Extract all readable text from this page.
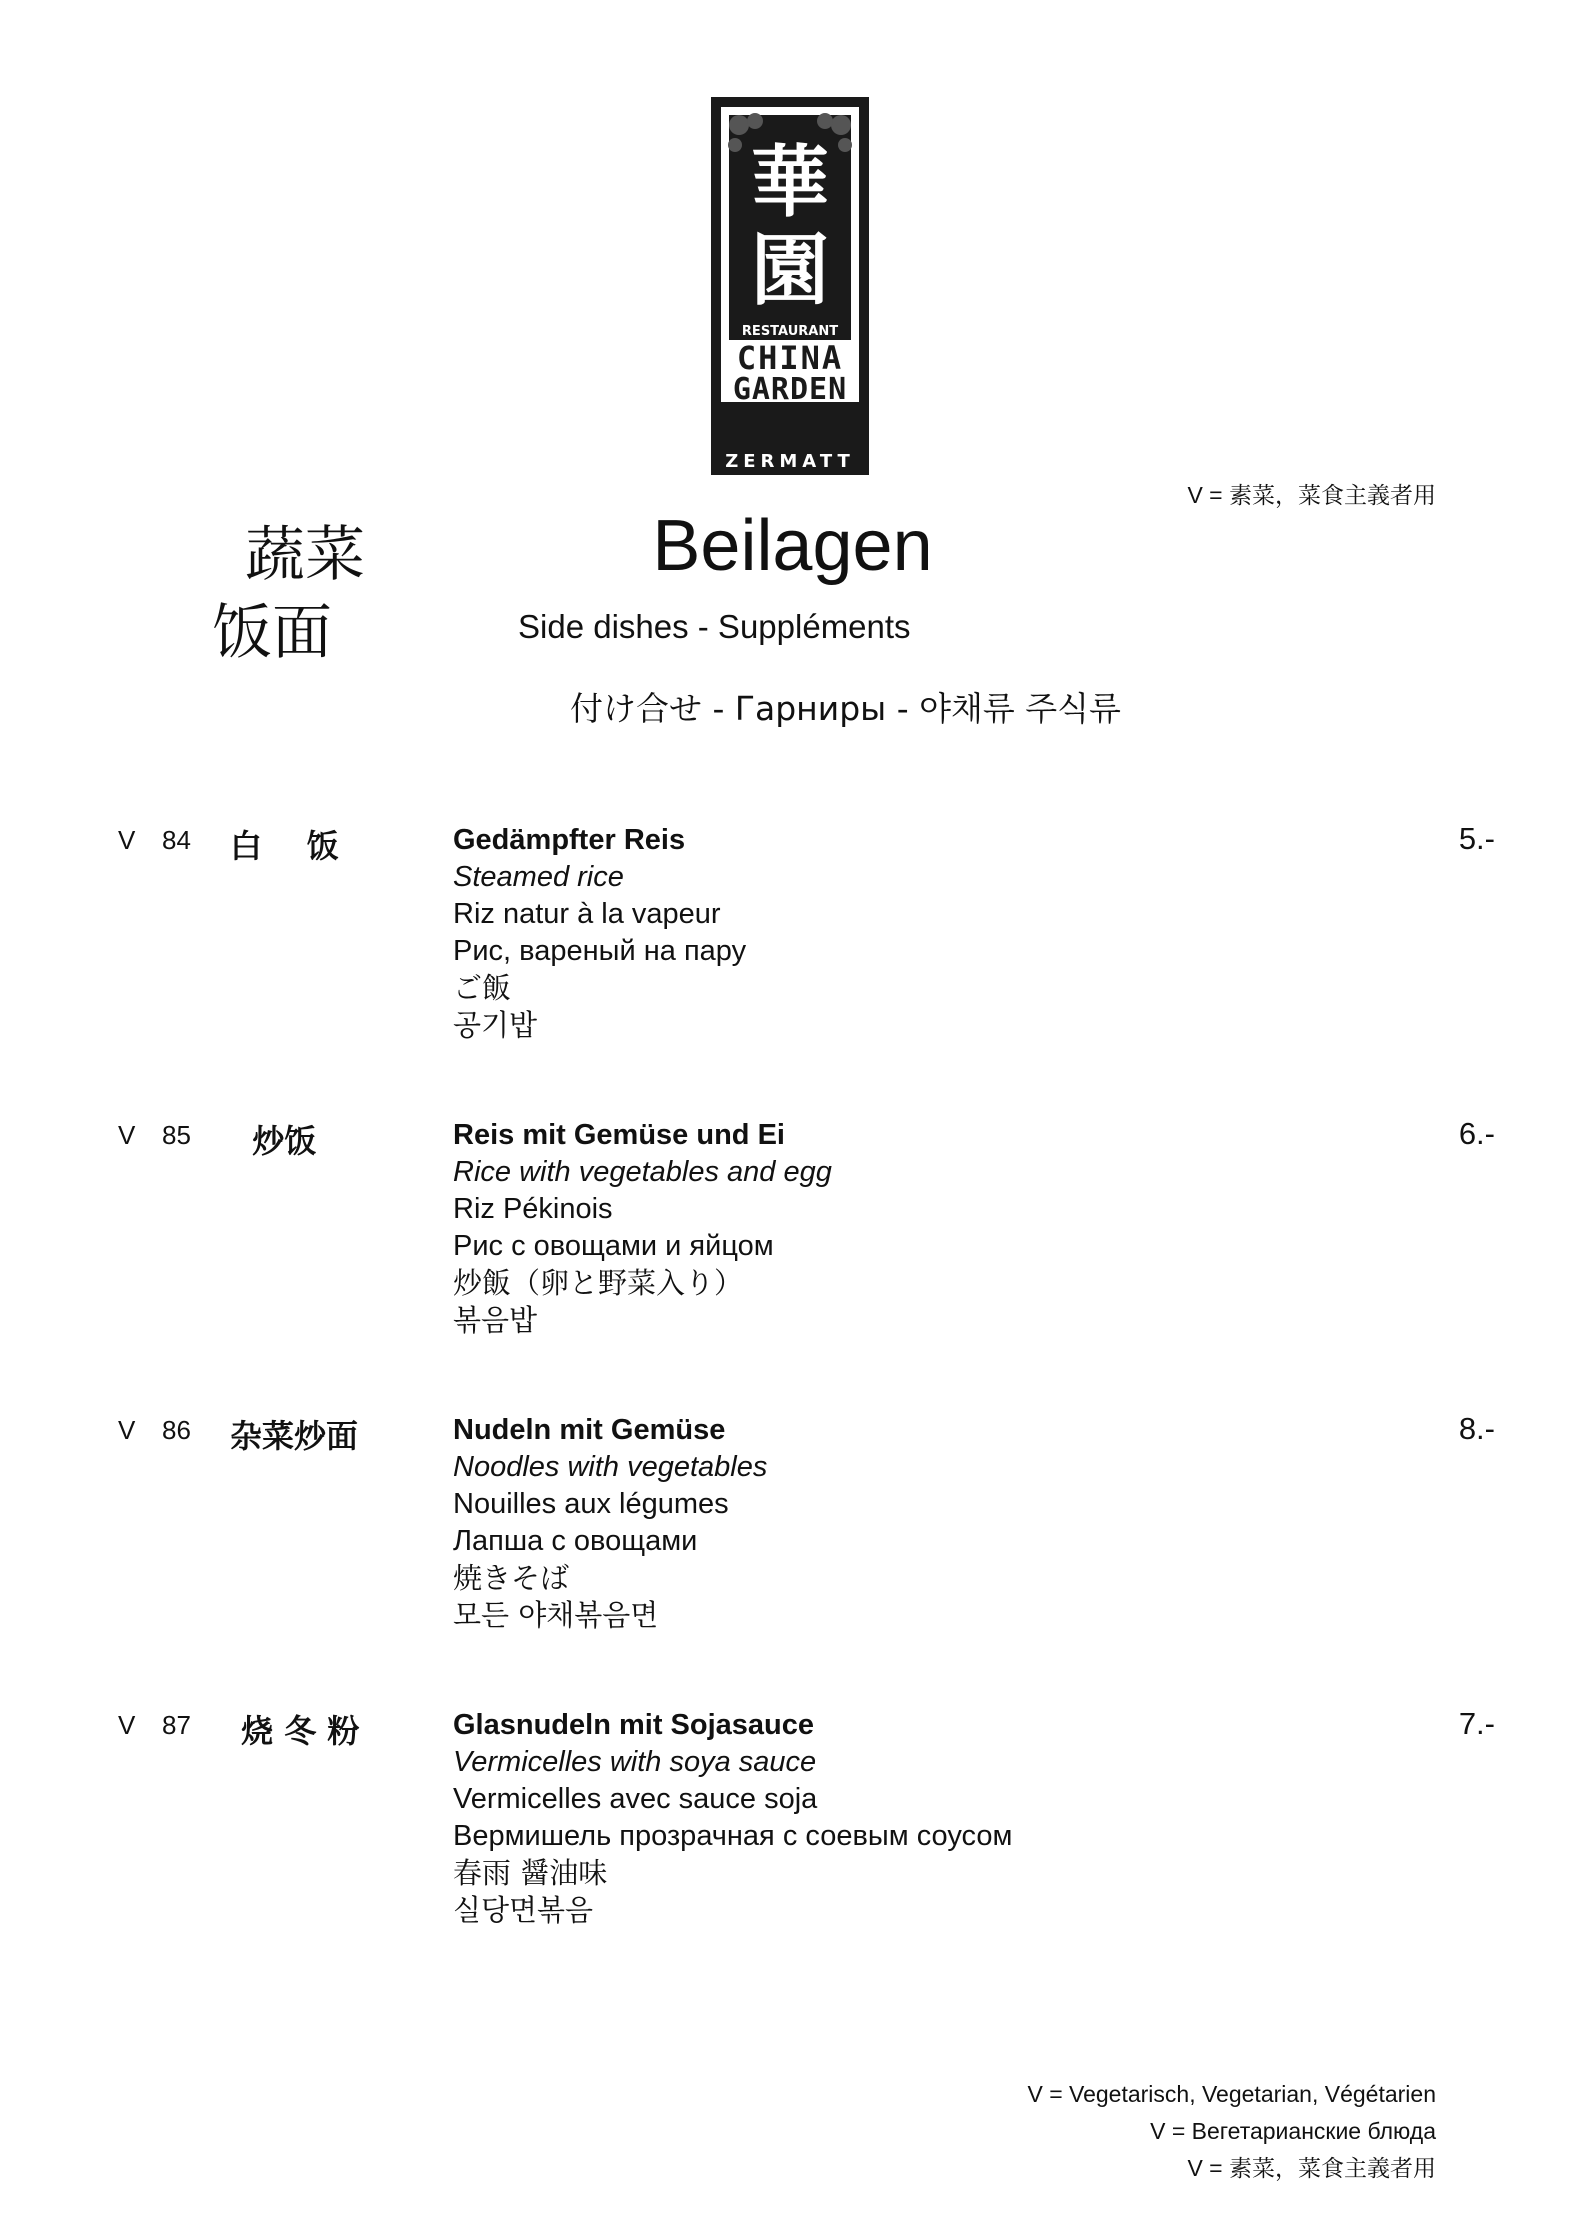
華
園
RESTAURANT
CHINA
GARDEN
ZERMATT
V = 素菜，菜食主義者用
蔬菜
饭面
Beilagen
Side dishes - Suppléments
付け合せ - Гарниры - 야채류 주식류
V 84 白    饭	Gedämpfter Reis
Steamed rice
Riz natur à la vapeur
Рис, вареный на пару
ご飯
공기밥
5.-
V 85 炒饭	Reis mit Gemüse und Ei
Rice with vegetables and egg
Riz Pékinois
Рис с овощами и яйцом
炒飯（卵と野菜入り）
볶음밥
6.-
V 86 杂菜炒面	Nudeln mit Gemüse
Noodles with vegetables
Nouilles aux légumes
Лапша с овощами
焼きそば
모든 야채볶음면
8.-
V 87 烧 冬 粉	Glasnudeln mit Sojasauce
Vermicelles with soya sauce
Vermicelles avec sauce soja
Вермишель прозрачная с соевым соусом
春雨 醤油味
실당면볶음
7.-
V = Vegetarisch, Vegetarian, Végétarien
V = Вегетарианские блюда
V = 素菜，菜食主義者用
